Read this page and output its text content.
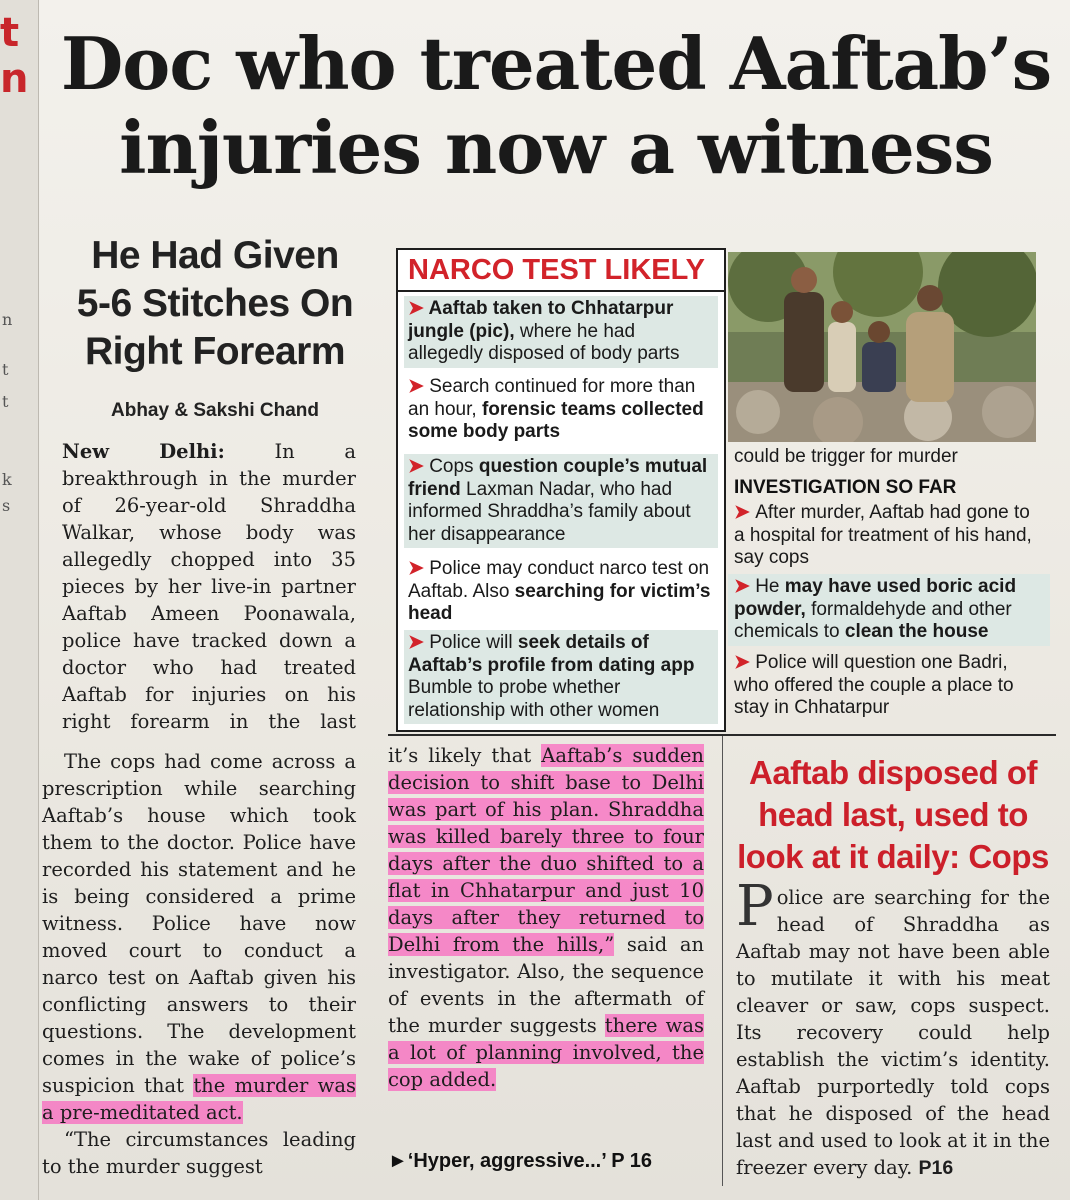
t
n
n
t
t
k
s
Doc who treated Aaftab’s
injuries now a witness
He Had Given
5-6 Stitches On
Right Forearm
Abhay & Sakshi Chand

New Delhi:	In a breakthrough in the murder of 26-year-old Shraddha Walkar, whose body was allegedly chopped into 35 pieces by her live-in partner Aaftab Ameen Poonawala, police have tracked down a doctor who had treated Aaftab for injuries on his right forearm in the last

The cops had come across a prescription while searching Aaftab’s house which took them to the doctor. Police have recorded his statement and he is being considered a prime witness. Police have now moved court to conduct a narco test on Aaftab given his conflicting answers to their questions. The development comes in the wake of police’s suspicion that the murder was a pre-meditated act.

“The circumstances leading to the murder suggest

it’s likely that Aaftab’s sudden decision to shift base to Delhi was part of his plan. Shraddha was killed barely three to four days after the duo shifted to a flat in Chhatarpur and just 10 days after they returned to Delhi from the hills,” said an investigator. Also, the sequence of events in the aftermath of the murder suggests there was a lot of planning involved, the cop added.

►‘Hyper, aggressive...’ P 16
NARCO TEST LIKELY
➤ Aaftab taken to Chhatarpur jungle (pic), where he had allegedly disposed of body parts
➤ Search continued for more than an hour, forensic teams collected some body parts
➤ Cops question couple’s mutual friend Laxman Nadar, who had informed Shraddha’s family about her disappearance
➤ Police may conduct narco test on Aaftab. Also searching for victim’s head
➤ Police will seek details of Aaftab’s profile from dating app Bumble to probe whether relationship with other women
could be trigger for murder
INVESTIGATION SO FAR
➤ After murder, Aaftab had gone to a hospital for treatment of his hand, say cops
➤ He may have used boric acid powder, formaldehyde and other chemicals to clean the house
➤ Police will question one Badri, who offered the couple a place to stay in Chhatarpur
Aaftab disposed of
head last, used to
look at it daily: Cops

Police are searching for the head of Shraddha as Aaftab may not have been able to mutilate it with his meat cleaver or saw, cops suspect. Its recovery could help establish the victim’s identity. Aaftab purportedly told cops that he disposed of the head last and used to look at it in the freezer every day. P16
